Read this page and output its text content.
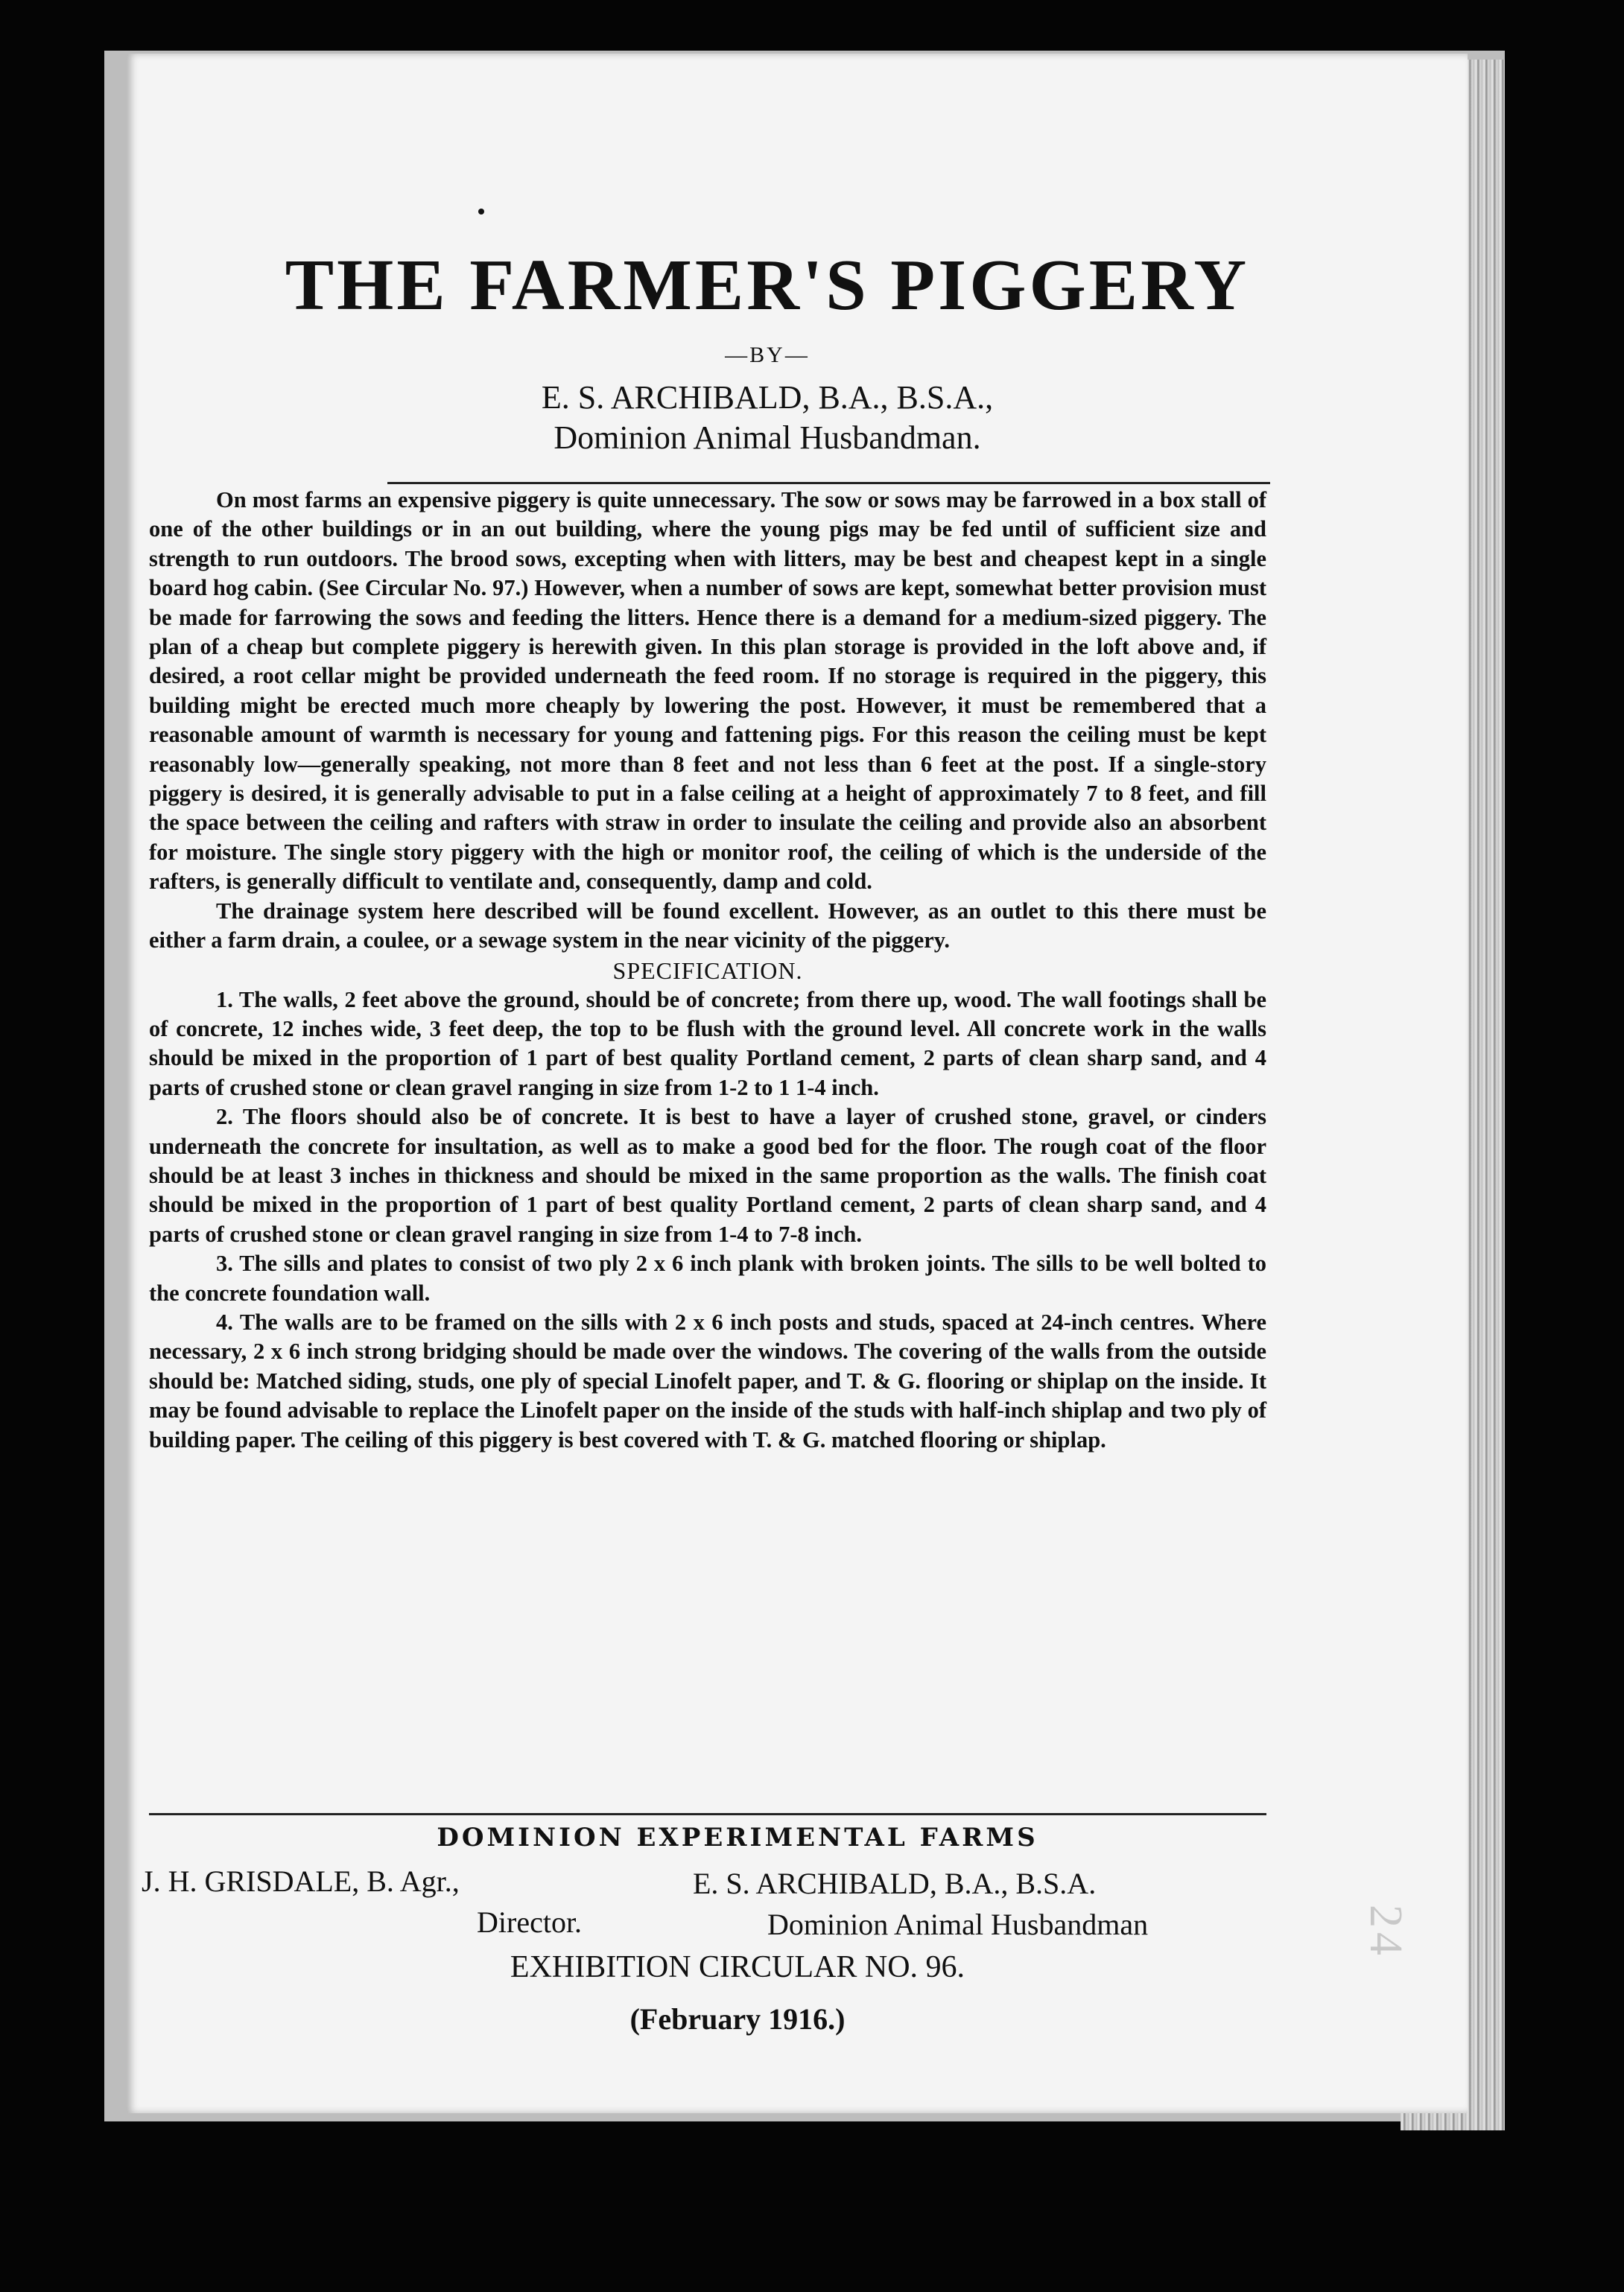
THE FARMER'S PIGGERY
—BY—
E. S. ARCHIBALD, B.A., B.S.A.,
Dominion Animal Husbandman.

On most farms an expensive piggery is quite unnecessary. The sow or sows may be farrowed in a box stall of one of the other buildings or in an out building, where the young pigs may be fed until of sufficient size and strength to run outdoors. The brood sows, excepting when with litters, may be best and cheapest kept in a single board hog cabin. (See Circular No. 97.) However, when a number of sows are kept, somewhat better provision must be made for farrowing the sows and feeding the litters. Hence there is a demand for a medium-sized piggery. The plan of a cheap but complete piggery is herewith given. In this plan storage is provided in the loft above and, if desired, a root cellar might be provided underneath the feed room. If no storage is required in the piggery, this building might be erected much more cheaply by lowering the post. However, it must be remembered that a reasonable amount of warmth is necessary for young and fattening pigs. For this reason the ceiling must be kept reasonably low—generally speaking, not more than 8 feet and not less than 6 feet at the post. If a single-story piggery is desired, it is generally advisable to put in a false ceiling at a height of approximately 7 to 8 feet, and fill the space between the ceiling and rafters with straw in order to insulate the ceiling and provide also an absorbent for moisture. The single story piggery with the high or monitor roof, the ceiling of which is the underside of the rafters, is generally difficult to ventilate and, consequently, damp and cold.

The drainage system here described will be found excellent. However, as an outlet to this there must be either a farm drain, a coulee, or a sewage system in the near vicinity of the piggery.

SPECIFICATION.

1. The walls, 2 feet above the ground, should be of concrete; from there up, wood. The wall footings shall be of concrete, 12 inches wide, 3 feet deep, the top to be flush with the ground level. All concrete work in the walls should be mixed in the proportion of 1 part of best quality Portland cement, 2 parts of clean sharp sand, and 4 parts of crushed stone or clean gravel ranging in size from 1-2 to 1 1-4 inch.

2. The floors should also be of concrete. It is best to have a layer of crushed stone, gravel, or cinders underneath the concrete for insultation, as well as to make a good bed for the floor. The rough coat of the floor should be at least 3 inches in thickness and should be mixed in the same proportion as the walls. The finish coat should be mixed in the proportion of 1 part of best quality Portland cement, 2 parts of clean sharp sand, and 4 parts of crushed stone or clean gravel ranging in size from 1-4 to 7-8 inch.

3. The sills and plates to consist of two ply 2 x 6 inch plank with broken joints. The sills to be well bolted to the concrete foundation wall.

4. The walls are to be framed on the sills with 2 x 6 inch posts and studs, spaced at 24-inch centres. Where necessary, 2 x 6 inch strong bridging should be made over the windows. The covering of the walls from the outside should be: Matched siding, studs, one ply of special Linofelt paper, and T. & G. flooring or shiplap on the inside. It may be found advisable to replace the Linofelt paper on the inside of the studs with half-inch shiplap and two ply of building paper. The ceiling of this piggery is best covered with T. & G. matched flooring or shiplap.

DOMINION EXPERIMENTAL FARMS
J. H. GRISDALE, B. Agr.,
Director.
E. S. ARCHIBALD, B.A., B.S.A.
Dominion Animal Husbandman
EXHIBITION CIRCULAR NO. 96.
(February 1916.)
24
